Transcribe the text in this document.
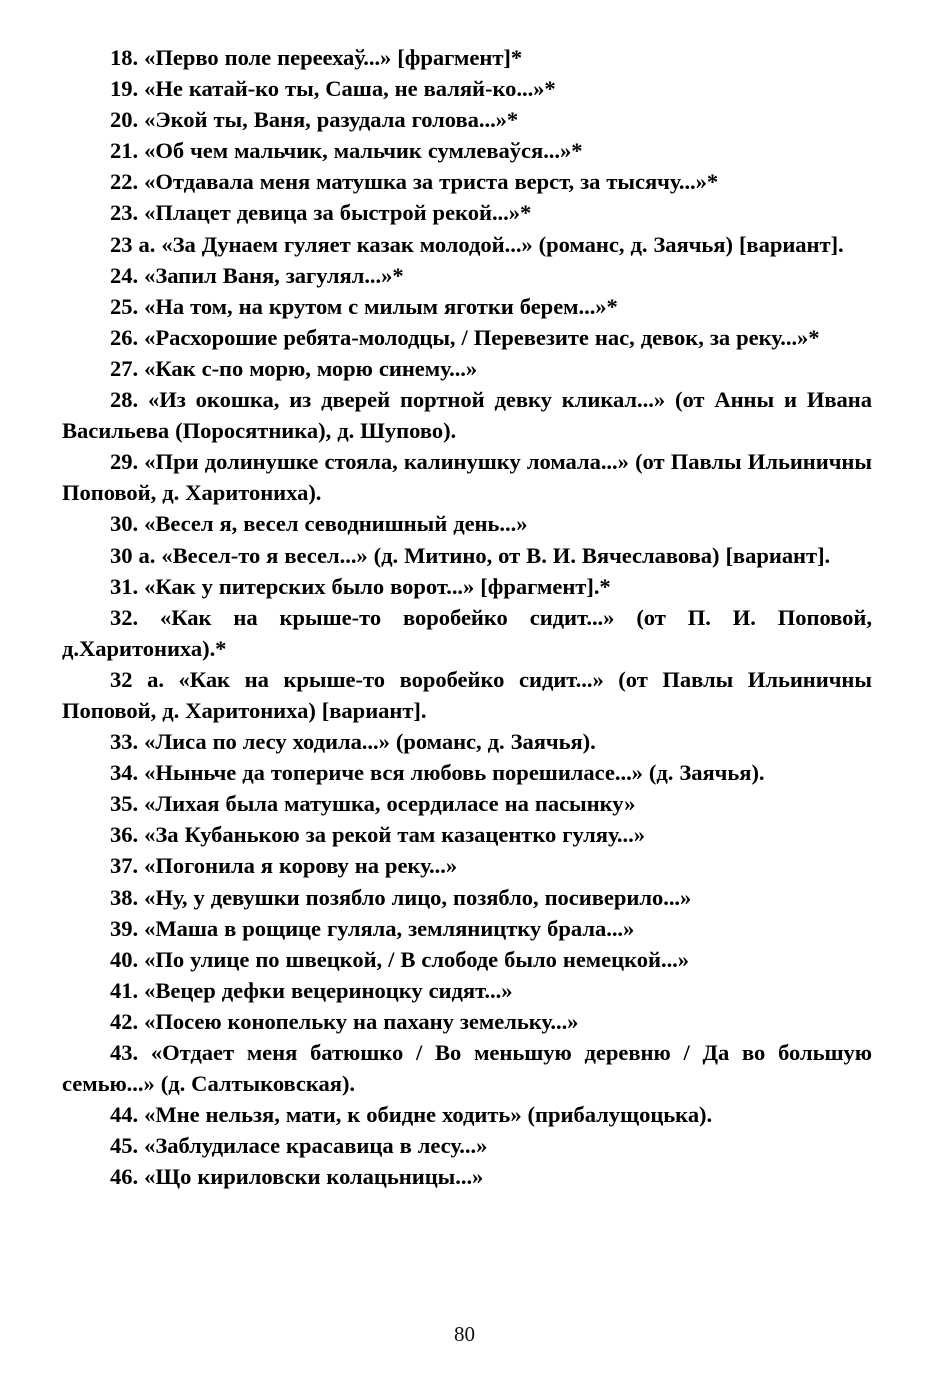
18. «Перво поле переехаў...» [фрагмент]*

19. «Не катай-ко ты, Саша, не валяй-ко...»*

20. «Экой ты, Ваня, разудала голова...»*

21. «Об чем мальчик, мальчик сумлеваўся...»*

22. «Отдавала меня матушка за триста верст, за тысячу...»*

23. «Плацет девица за быстрой рекой...»*

23 а. «За Дунаем гуляет казак молодой...» (романс, д. Заячья) [вариант].

24. «Запил Ваня, загулял...»*

25. «На том, на крутом с милым яготки берем...»*

26. «Расхорошие ребята-молодцы, / Перевезите нас, девок, за реку...»*

27. «Как с-по морю, морю синему...»

28. «Из окошка, из дверей портной девку кликал...» (от Анны и Ивана Васильева (Поросятника), д. Шупово).

29. «При долинушке стояла, калинушку ломала...» (от Павлы Ильиничны Поповой, д. Харитониха).

30. «Весел я, весел севоднишный день...»

30 а. «Весел-то я весел...» (д. Митино, от В. И. Вячеславова) [вариант].

31. «Как у питерских было ворот...» [фрагмент].*

32. «Как на крыше-то воробейко сидит...» (от П. И. Поповой, д.Харитониха).*

32 а. «Как на крыше-то воробейко сидит...» (от Павлы Ильиничны Поповой, д. Харитониха) [вариант].

33. «Лиса по лесу ходила...» (романс, д. Заячья).

34. «Ныньче да топериче вся любовь порешиласе...» (д. Заячья).

35. «Лихая была матушка, осердиласе на пасынку»

36. «За Кубанькою за рекой там казацентко гуляу...»

37. «Погонила я корову на реку...»

38. «Ну, у девушки позябло лицо, позябло, посиверило...»

39. «Маша в рощице гуляла, земляництку брала...»

40. «По улице по швецкой, / В слободе было немецкой...»

41. «Вецер дефки вецериноцку сидят...»

42. «Посею конопельку на пахану земельку...»

43. «Отдает меня батюшко / Во меньшую деревню / Да во большую семью...» (д. Салтыковская).

44. «Мне нельзя, мати, к обидне ходить» (прибалущоцька).

45. «Заблудиласе красавица в лесу...»

46. «Що кириловски колацьницы...»

80
